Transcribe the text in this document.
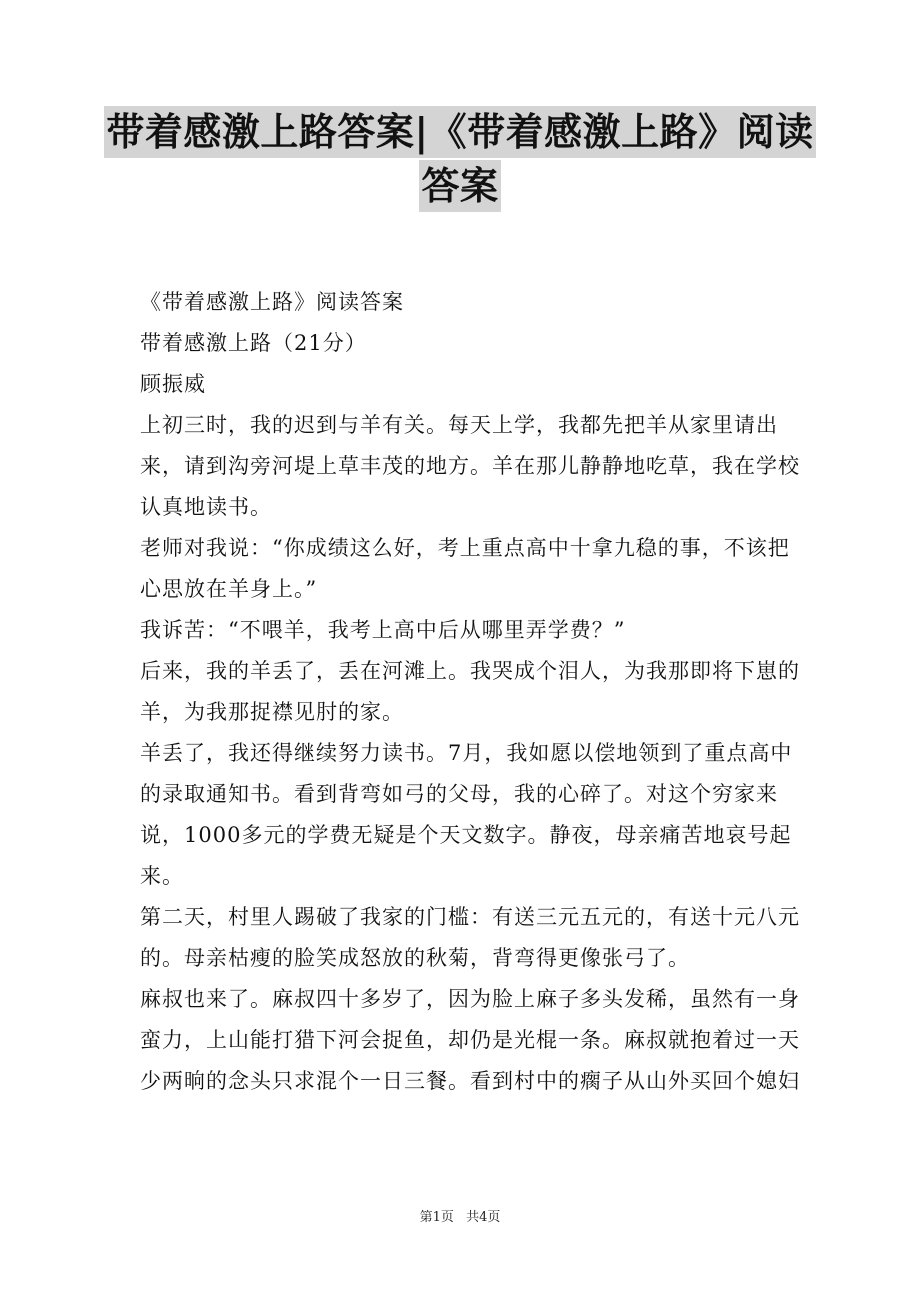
带着感激上路答案|《带着感激上路》阅读
答案

《带着感激上路》阅读答案

带着感激上路（21分）

顾振威

上初三时，我的迟到与羊有关。每天上学，我都先把羊从家里请出来，请到沟旁河堤上草丰茂的地方。羊在那儿静静地吃草，我在学校认真地读书。

老师对我说：“你成绩这么好，考上重点高中十拿九稳的事，不该把心思放在羊身上。”

我诉苦：“不喂羊，我考上高中后从哪里弄学费？”

后来，我的羊丢了，丢在河滩上。我哭成个泪人，为我那即将下崽的羊，为我那捉襟见肘的家。

羊丢了，我还得继续努力读书。7月，我如愿以偿地领到了重点高中的录取通知书。看到背弯如弓的父母，我的心碎了。对这个穷家来说，1000多元的学费无疑是个天文数字。静夜，母亲痛苦地哀号起来。

第二天，村里人踢破了我家的门槛：有送三元五元的，有送十元八元的。母亲枯瘦的脸笑成怒放的秋菊，背弯得更像张弓了。

麻叔也来了。麻叔四十多岁了，因为脸上麻子多头发稀，虽然有一身蛮力，上山能打猎下河会捉鱼，却仍是光棍一条。麻叔就抱着过一天少两晌的念头只求混个一日三餐。看到村中的瘸子从山外买回个媳妇

第1页 共4页
